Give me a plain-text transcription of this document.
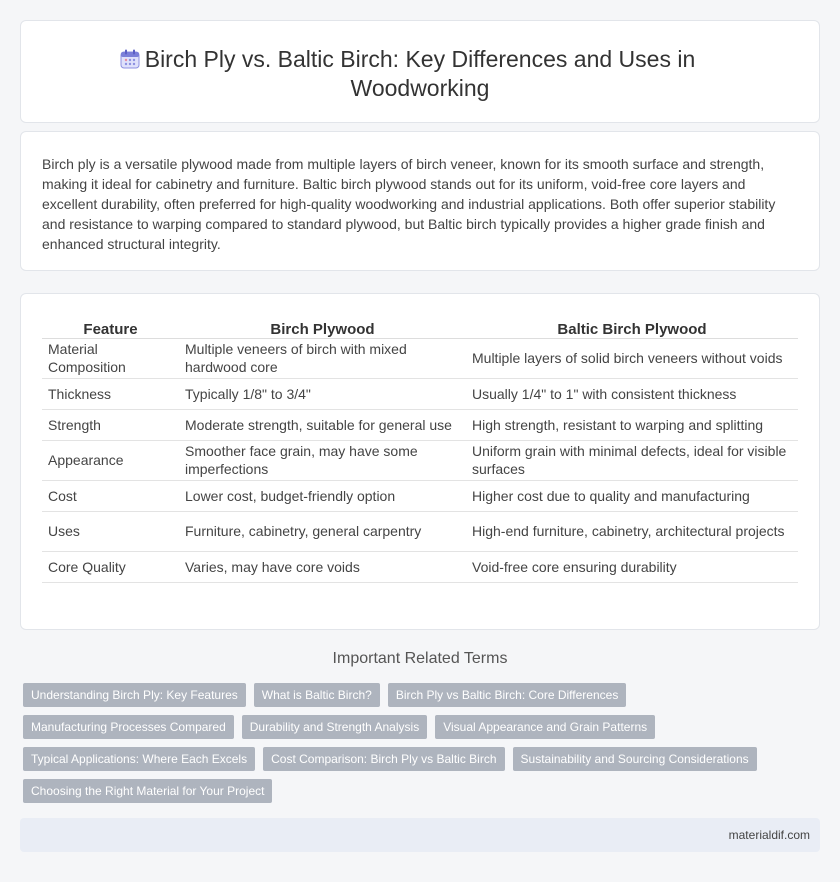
Birch Ply vs. Baltic Birch: Key Differences and Uses in Woodworking

Birch ply is a versatile plywood made from multiple layers of birch veneer, known for its smooth surface and strength, making it ideal for cabinetry and furniture. Baltic birch plywood stands out for its uniform, void-free core layers and excellent durability, often preferred for high-quality woodworking and industrial applications. Both offer superior stability and resistance to warping compared to standard plywood, but Baltic birch typically provides a higher grade finish and enhanced structural integrity.

Feature	Birch Plywood	Baltic Birch Plywood
Material Composition	Multiple veneers of birch with mixed hardwood core	Multiple layers of solid birch veneers without voids
Thickness	Typically 1/8" to 3/4"	Usually 1/4" to 1" with consistent thickness
Strength	Moderate strength, suitable for general use	High strength, resistant to warping and splitting
Appearance	Smoother face grain, may have some imperfections	Uniform grain with minimal defects, ideal for visible surfaces
Cost	Lower cost, budget-friendly option	Higher cost due to quality and manufacturing
Uses	Furniture, cabinetry, general carpentry	High-end furniture, cabinetry, architectural projects
Core Quality	Varies, may have core voids	Void-free core ensuring durability
Important Related Terms
Understanding Birch Ply: Key Features	What is Baltic Birch?	Birch Ply vs Baltic Birch: Core Differences
Manufacturing Processes Compared	Durability and Strength Analysis	Visual Appearance and Grain Patterns
Typical Applications: Where Each Excels	Cost Comparison: Birch Ply vs Baltic Birch	Sustainability and Sourcing Considerations
Choosing the Right Material for Your Project
materialdif.com
